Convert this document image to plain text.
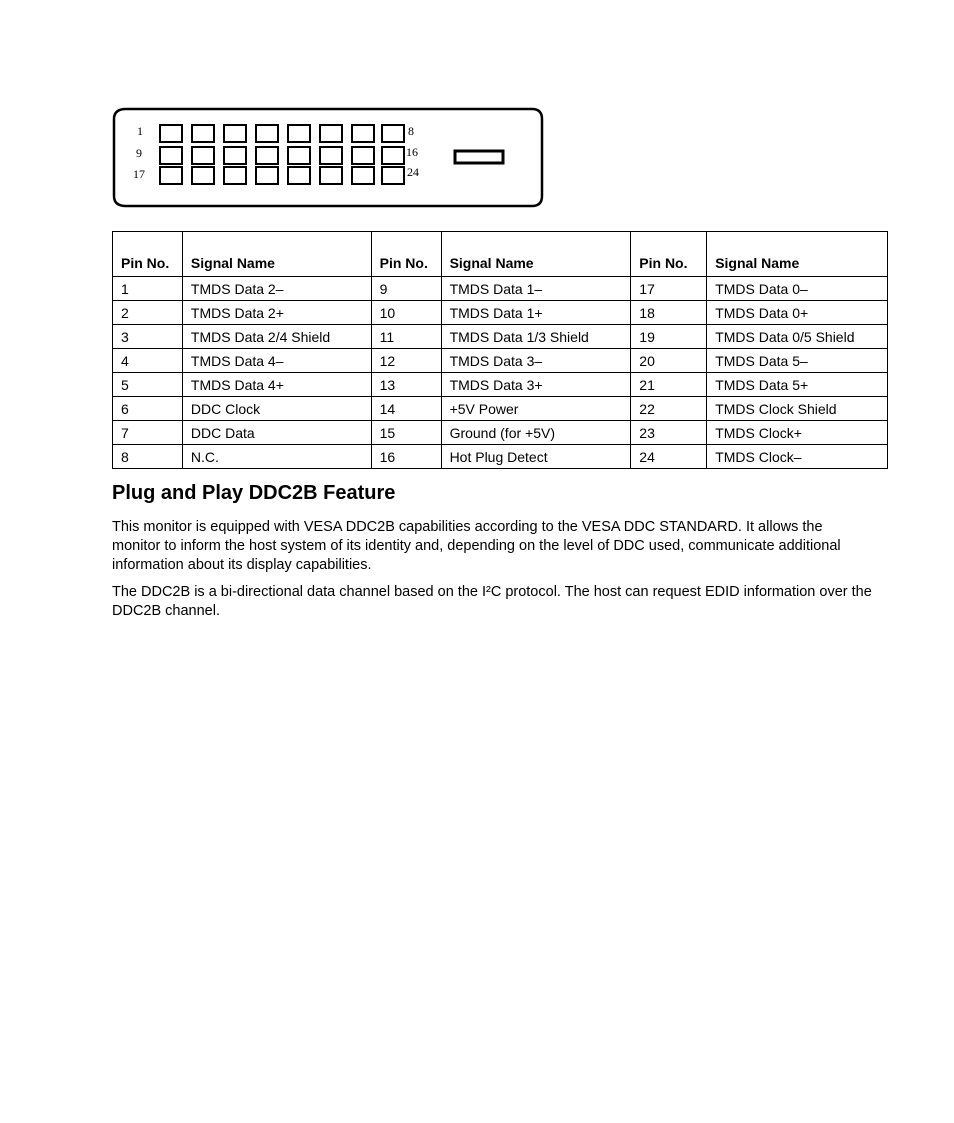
1
9
17
8
16
24
Pin No.	Signal Name	Pin No.	Signal Name	Pin No.	Signal Name
1	TMDS Data 2–	9	TMDS Data 1–	17	TMDS Data 0–
2	TMDS Data 2+	10	TMDS Data 1+	18	TMDS Data 0+
3	TMDS Data 2/4 Shield	11	TMDS Data 1/3 Shield	19	TMDS Data 0/5 Shield
4	TMDS Data 4–	12	TMDS Data 3–	20	TMDS Data 5–
5	TMDS Data 4+	13	TMDS Data 3+	21	TMDS Data 5+
6	DDC Clock	14	+5V Power	22	TMDS Clock Shield
7	DDC Data	15	Ground (for +5V)	23	TMDS Clock+
8	N.C.	16	Hot Plug Detect	24	TMDS Clock–
Plug and Play DDC2B Feature

This monitor is equipped with VESA DDC2B capabilities according to the VESA DDC STANDARD. It allows the monitor to inform the host system of its identity and, depending on the level of DDC used, communicate additional information about its display capabilities.

The DDC2B is a bi-directional data channel based on the I²C protocol. The host can request EDID information over the DDC2B channel.
